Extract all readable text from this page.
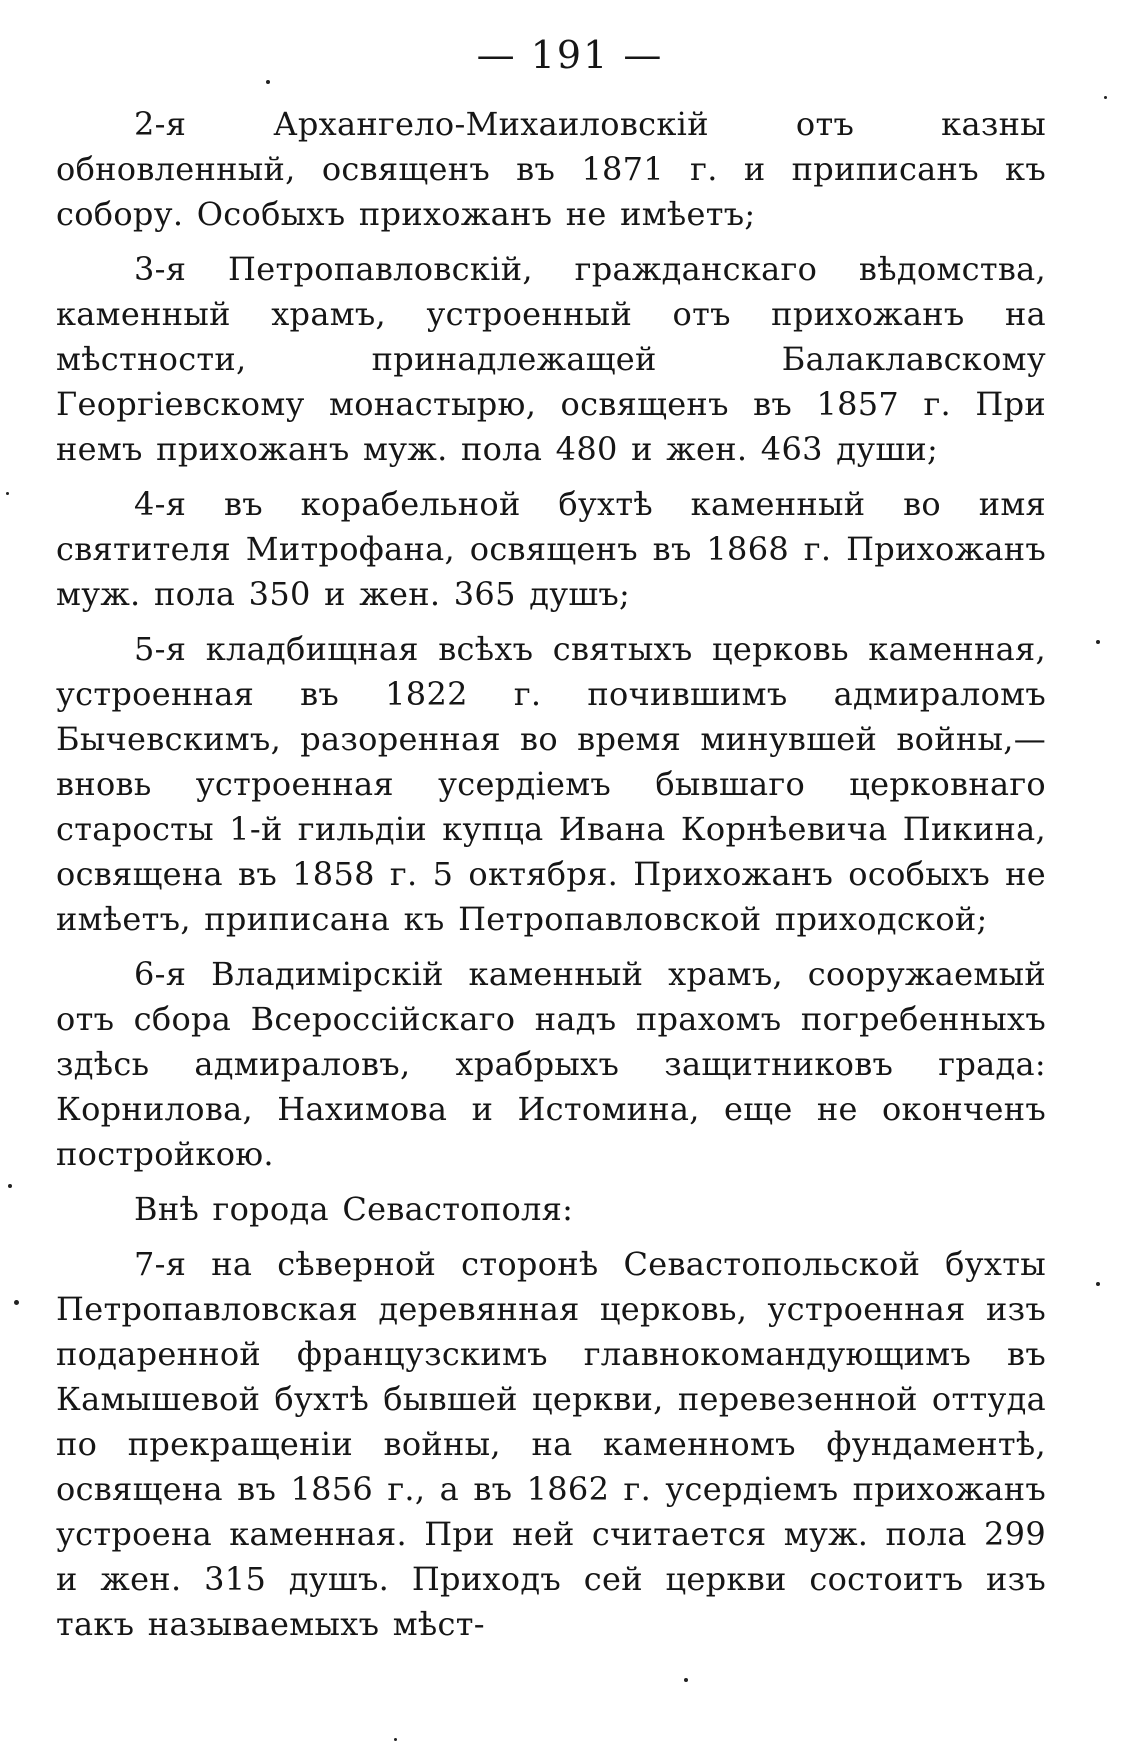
— 191 —

2-я Архангело-Михаиловскій отъ казны обновленный, освященъ въ 1871 г. и приписанъ къ собору. Особыхъ прихожанъ не имѣетъ;

3-я Петропавловскій, гражданскаго вѣдомства, каменный храмъ, устроенный отъ прихожанъ на мѣстности, принадлежащей Балаклавскому Георгіевскому монастырю, освященъ въ 1857 г. При немъ прихожанъ муж. пола 480 и жен. 463 души;

4-я въ корабельной бухтѣ каменный во имя святителя Митрофана, освященъ въ 1868 г. Прихожанъ муж. пола 350 и жен. 365 душъ;

5-я кладбищная всѣхъ святыхъ церковь каменная, устроенная въ 1822 г. почившимъ адмираломъ Бычевскимъ, разоренная во время минувшей войны,—вновь устроенная усердіемъ бывшаго церковнаго старосты 1-й гильдіи купца Ивана Корнѣевича Пикина, освящена въ 1858 г. 5 октября. Прихожанъ особыхъ не имѣетъ, приписана къ Петропавловской приходской;

6-я Владимірскій каменный храмъ, сооружаемый отъ сбора Всероссійскаго надъ прахомъ погребенныхъ здѣсь адмираловъ, храбрыхъ защитниковъ града: Корнилова, Нахимова и Истомина, еще не оконченъ постройкою.

Внѣ города Севастополя:

7-я на сѣверной сторонѣ Севастопольской бухты Петропавловская деревянная церковь, устроенная изъ подаренной французскимъ главнокомандующимъ въ Камышевой бухтѣ бывшей церкви, перевезенной оттуда по прекращеніи войны, на каменномъ фундаментѣ, освящена въ 1856 г., а въ 1862 г. усердіемъ прихожанъ устроена каменная. При ней считается муж. пола 299 и жен. 315 душъ. Приходъ сей церкви состоитъ изъ такъ называемыхъ мѣст-
